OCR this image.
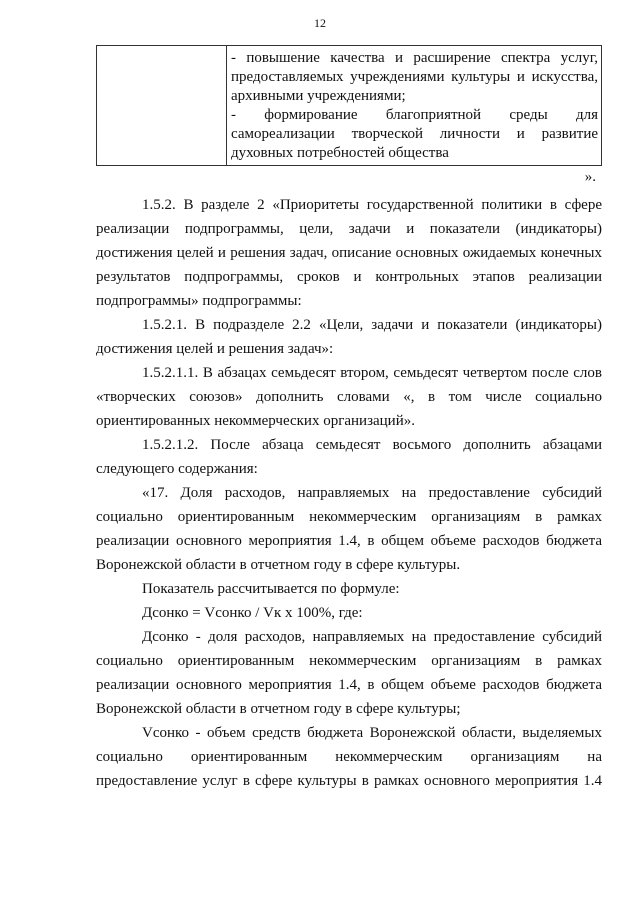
12
- повышение качества и расширение спектра услуг,
предоставляемых учреждениями культуры и искусства,
архивными учреждениями;
- формирование благоприятной среды для
самореализации творческой личности и развитие
духовных потребностей общества
».
1.5.2. В разделе 2 «Приоритеты государственной политики в сфере
реализации подпрограммы, цели, задачи и показатели (индикаторы)
достижения целей и решения задач, описание основных ожидаемых конечных
результатов подпрограммы, сроков и контрольных этапов реализации
подпрограммы» подпрограммы:
1.5.2.1. В подразделе 2.2 «Цели, задачи и показатели (индикаторы)
достижения целей и решения задач»:
1.5.2.1.1. В абзацах семьдесят втором, семьдесят четвертом после слов
«творческих союзов» дополнить словами «, в том числе социально
ориентированных некоммерческих организаций».
1.5.2.1.2. После абзаца семьдесят восьмого дополнить абзацами
следующего содержания:
«17. Доля расходов, направляемых на предоставление субсидий
социально ориентированным некоммерческим организациям в рамках
реализации основного мероприятия 1.4, в общем объеме расходов бюджета
Воронежской области в отчетном году в сфере культуры.
Показатель рассчитывается по формуле:
Дсонко = Vсонко / Vк х 100%, где:
Дсонко - доля расходов, направляемых на предоставление субсидий
социально ориентированным некоммерческим организациям в рамках
реализации основного мероприятия 1.4, в общем объеме расходов бюджета
Воронежской области в отчетном году в сфере культуры;
Vсонко - объем средств бюджета Воронежской области, выделяемых
социально ориентированным некоммерческим организациям на
предоставление услуг в сфере культуры в рамках основного мероприятия 1.4
